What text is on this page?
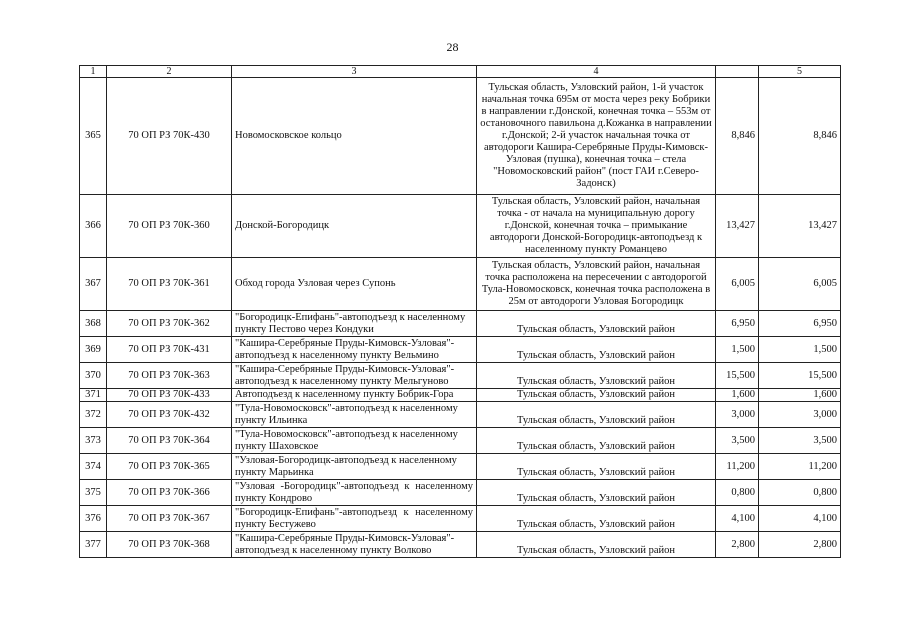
28
1	2	3	4		5
365	70 ОП РЗ 70К-430	Новомосковское кольцо	Тульская область, Узловский район, 1-й участок начальная точка 695м от моста через реку Бобрики в направлении г.Донской, конечная точка – 553м от остановочного павильона д.Кожанка в направлении г.Донской; 2-й участок начальная точка от автодороги Кашира-Серебряные Пруды-Кимовск-Узловая (пушка), конечная точка – стела "Новомосковский район" (пост ГАИ г.Северо-Задонск)	8,846	8,846
366	70 ОП РЗ 70К-360	Донской-Богородицк	Тульская область, Узловский район, начальная точка - от начала на муниципальную дорогу г.Донской, конечная точка – примыкание автодороги Донской-Богородицк-автоподъезд к населенному пункту Романцево	13,427	13,427
367	70 ОП РЗ 70К-361	Обход города Узловая через Супонь	Тульская область, Узловский район, начальная точка расположена на пересечении с автодорогой Тула-Новомосковск, конечная точка расположена в 25м от автодороги Узловая Богородицк	6,005	6,005
368	70 ОП РЗ 70К-362	"Богородицк-Епифань"-автоподъезд к населенному пункту Пестово через Кондуки	Тульская область, Узловский район	6,950	6,950
369	70 ОП РЗ 70К-431	"Кашира-Серебряные Пруды-Кимовск-Узловая"-автоподъезд к населенному пункту Вельмино	Тульская область, Узловский район	1,500	1,500
370	70 ОП РЗ 70К-363	"Кашира-Серебряные Пруды-Кимовск-Узловая"-автоподъезд к населенному пункту Мельгуново	Тульская область, Узловский район	15,500	15,500
371	70 ОП РЗ 70К-433	Автоподъезд к населенному пункту Бобрик-Гора	Тульская область, Узловский район	1,600	1,600
372	70 ОП РЗ 70К-432	"Тула-Новомосковск"-автоподъезд к населенному пункту Ильинка	Тульская область, Узловский район	3,000	3,000
373	70 ОП РЗ 70К-364	"Тула-Новомосковск"-автоподъезд к населенному пункту Шаховское	Тульская область, Узловский район	3,500	3,500
374	70 ОП РЗ 70К-365	"Узловая-Богородицк-автоподъезд к населенному пункту Марьинка	Тульская область, Узловский район	11,200	11,200
375	70 ОП РЗ 70К-366	"Узловая -Богородицк"-автоподъезд к населенному пункту Кондрово	Тульская область, Узловский район	0,800	0,800
376	70 ОП РЗ 70К-367	"Богородицк-Епифань"-автоподъезд к населенному пункту Бестужево	Тульская область, Узловский район	4,100	4,100
377	70 ОП РЗ 70К-368	"Кашира-Серебряные Пруды-Кимовск-Узловая"-автоподъезд к населенному пункту Волково	Тульская область, Узловский район	2,800	2,800
